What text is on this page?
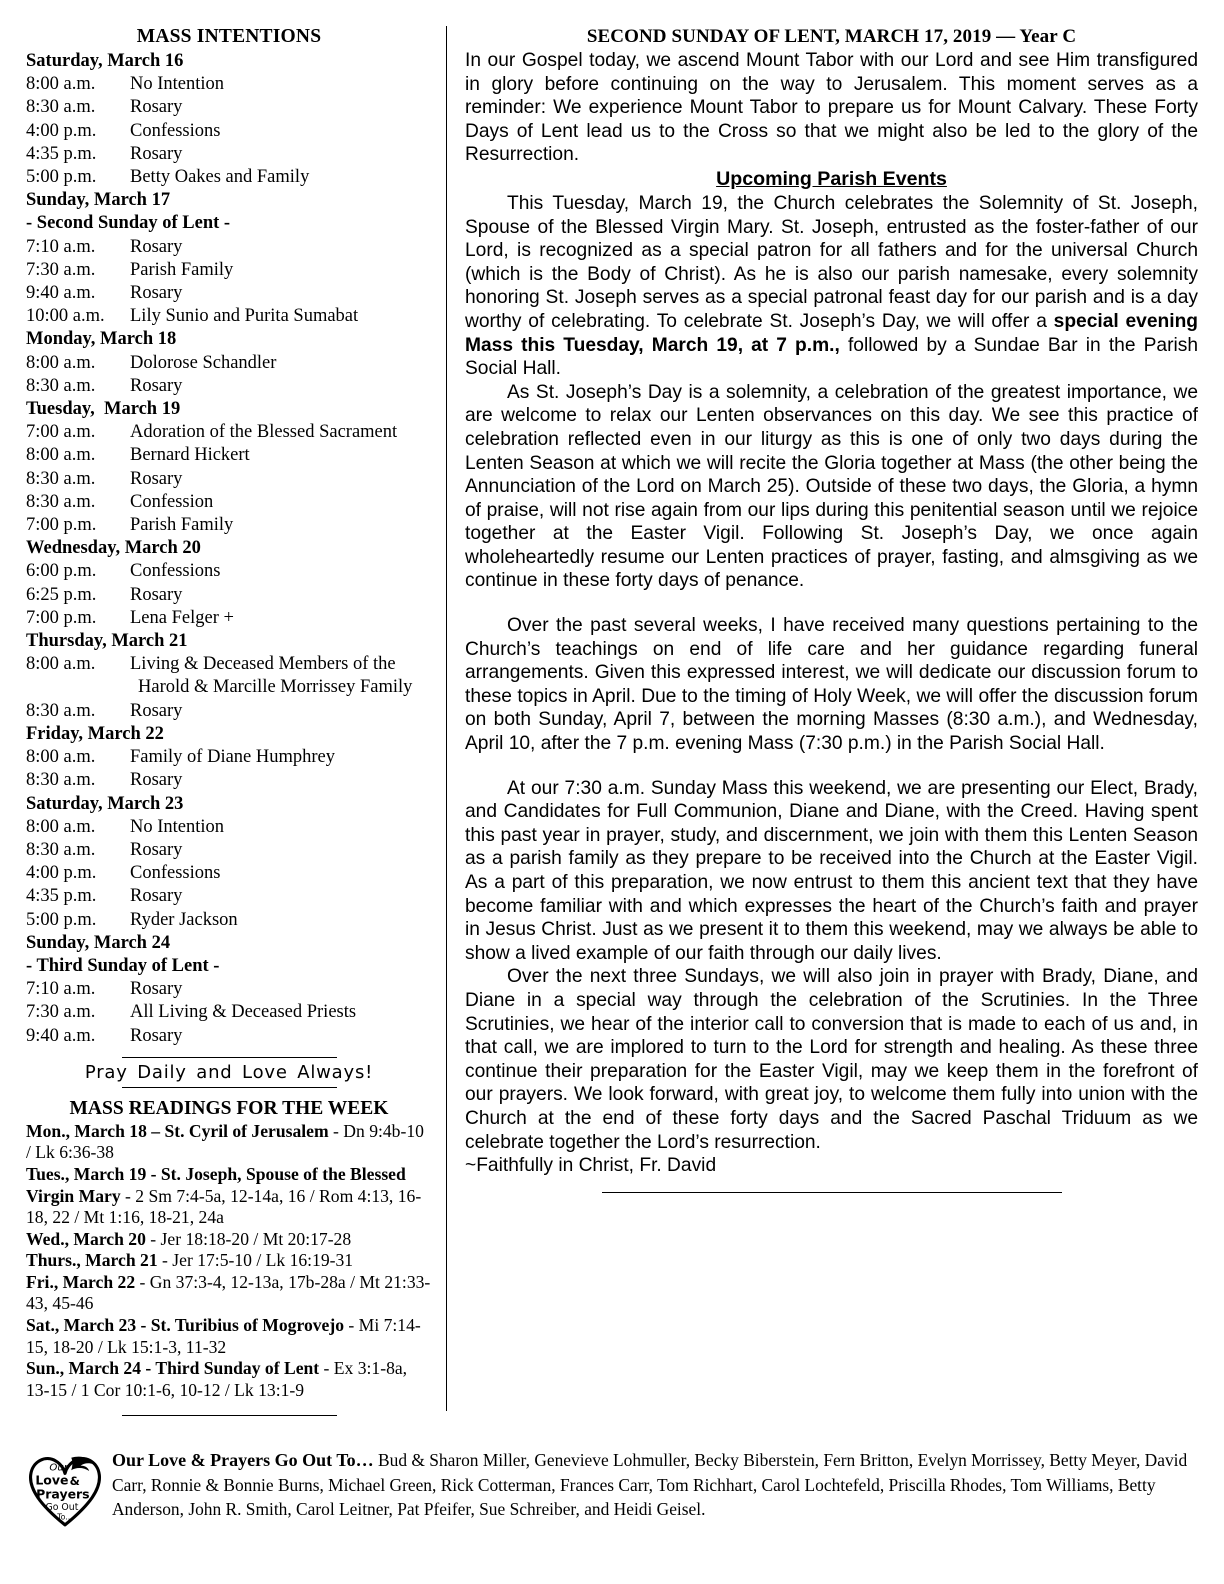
MASS INTENTIONS
Saturday, March 16
8:00 a.m.	No Intention
8:30 a.m.	Rosary
4:00 p.m.	Confessions
4:35 p.m.	Rosary
5:00 p.m.	Betty Oakes and Family
Sunday, March 17
- Second Sunday of Lent -
7:10 a.m.	Rosary
7:30 a.m.	Parish Family
9:40 a.m.	Rosary
10:00 a.m.	Lily Sunio and Purita Sumabat
Monday, March 18
8:00 a.m.	Dolorose Schandler
8:30 a.m.	Rosary
Tuesday,  March 19
7:00 a.m.	Adoration of the Blessed Sacrament
8:00 a.m.	Bernard Hickert
8:30 a.m.	Rosary
8:30 a.m.	Confession
7:00 p.m.	Parish Family
Wednesday, March 20
6:00 p.m.	Confessions
6:25 p.m.	Rosary
7:00 p.m.	Lena Felger +
Thursday, March 21
8:00 a.m.	Living & Deceased Members of the
Harold & Marcille Morrissey Family
8:30 a.m.	Rosary
Friday, March 22
8:00 a.m.	Family of Diane Humphrey
8:30 a.m.	Rosary
Saturday, March 23
8:00 a.m.	No Intention
8:30 a.m.	Rosary
4:00 p.m.	Confessions
4:35 p.m.	Rosary
5:00 p.m.	Ryder Jackson
Sunday, March 24
- Third Sunday of Lent -
7:10 a.m.	Rosary
7:30 a.m.	All Living & Deceased Priests
9:40 a.m.	Rosary
Pray Daily and Love Always!
MASS READINGS FOR THE WEEK

Mon., March 18 – St. Cyril of Jerusalem - Dn 9:4b-10 / Lk 6:36-38

Tues., March 19 - St. Joseph, Spouse of the Blessed Virgin Mary - 2 Sm 7:4-5a, 12-14a, 16 / Rom 4:13, 16-18, 22 / Mt 1:16, 18-21, 24a

Wed., March 20 - Jer 18:18-20 / Mt 20:17-28

Thurs., March 21 - Jer 17:5-10 / Lk 16:19-31

Fri., March 22 - Gn 37:3-4, 12-13a, 17b-28a / Mt 21:33-43, 45-46

Sat., March 23 - St. Turibius of Mogrovejo - Mi 7:14-15, 18-20 / Lk 15:1-3, 11-32

Sun., March 24 - Third Sunday of Lent - Ex 3:1-8a, 13-15 / 1 Cor 10:1-6, 10-12 / Lk 13:1-9

SECOND SUNDAY OF LENT, MARCH 17, 2019 — Year C

In our Gospel today, we ascend Mount Tabor with our Lord and see Him transfigured in glory before continuing on the way to Jerusalem. This moment serves as a reminder: We experience Mount Tabor to prepare us for Mount Calvary. These Forty Days of Lent lead us to the Cross so that we might also be led to the glory of the Resurrection.

Upcoming Parish Events

This Tuesday, March 19, the Church celebrates the Solemnity of St. Joseph, Spouse of the Blessed Virgin Mary. St. Joseph, entrusted as the foster-father of our Lord, is recognized as a special patron for all fathers and for the universal Church (which is the Body of Christ). As he is also our parish namesake, every solemnity honoring St. Joseph serves as a special patronal feast day for our parish and is a day worthy of celebrating. To celebrate St. Joseph’s Day, we will offer a special evening Mass this Tuesday, March 19, at 7 p.m., followed by a Sundae Bar in the Parish Social Hall.

As St. Joseph’s Day is a solemnity, a celebration of the greatest importance, we are welcome to relax our Lenten observances on this day. We see this practice of celebration reflected even in our liturgy as this is one of only two days during the Lenten Season at which we will recite the Gloria together at Mass (the other being the Annunciation of the Lord on March 25). Outside of these two days, the Gloria, a hymn of praise, will not rise again from our lips during this penitential season until we rejoice together at the Easter Vigil. Following St. Joseph’s Day, we once again wholeheartedly resume our Lenten practices of prayer, fasting, and almsgiving as we continue in these forty days of penance.

Over the past several weeks, I have received many questions pertaining to the Church’s teachings on end of life care and her guidance regarding funeral arrangements. Given this expressed interest, we will dedicate our discussion forum to these topics in April. Due to the timing of Holy Week, we will offer the discussion forum on both Sunday, April 7, between the morning Masses (8:30 a.m.), and Wednesday, April 10, after the 7 p.m. evening Mass (7:30 p.m.) in the Parish Social Hall.

At our 7:30 a.m. Sunday Mass this weekend, we are presenting our Elect, Brady, and Candidates for Full Communion, Diane and Diane, with the Creed. Having spent this past year in prayer, study, and discernment, we join with them this Lenten Season as a parish family as they prepare to be received into the Church at the Easter Vigil. As a part of this preparation, we now entrust to them this ancient text that they have become familiar with and which expresses the heart of the Church’s faith and prayer in Jesus Christ. Just as we present it to them this weekend, may we always be able to show a lived example of our faith through our daily lives.

Over the next three Sundays, we will also join in prayer with Brady, Diane, and Diane in a special way through the celebration of the Scrutinies. In the Three Scrutinies, we hear of the interior call to conversion that is made to each of us and, in that call, we are implored to turn to the Lord for strength and healing. As these three continue their preparation for the Easter Vigil, may we keep them in the forefront of our prayers. We look forward, with great joy, to welcome them fully into union with the Church at the end of these forty days and the Sacred Paschal Triduum as we celebrate together the Lord’s resurrection.

~Faithfully in Christ, Fr. David

Our
Love &
Prayers
Go Out
To...
Our Love & Prayers Go Out To… Bud & Sharon Miller, Genevieve Lohmuller, Becky Biberstein, Fern Britton, Evelyn Morrissey, Betty Meyer, David Carr, Ronnie & Bonnie Burns, Michael Green, Rick Cotterman, Frances Carr, Tom Richhart, Carol Lochtefeld, Priscilla Rhodes, Tom Williams, Betty Anderson, John R. Smith, Carol Leitner, Pat Pfeifer, Sue Schreiber, and Heidi Geisel.
